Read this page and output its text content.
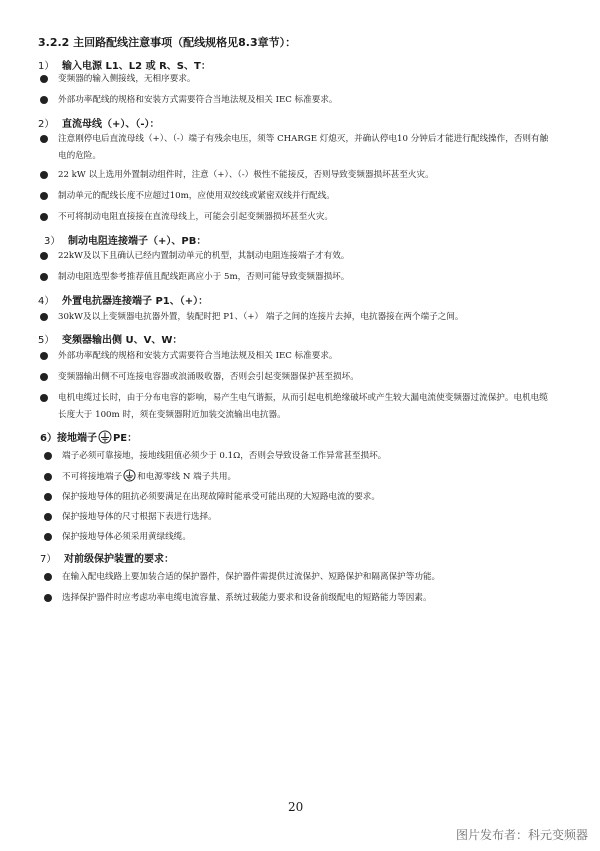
3.2.2 主回路配线注意事项（配线规格见8.3章节）：
1） 输入电源 L1、L2 或 R、S、T：
变频器的输入侧接线，无相序要求。
外部功率配线的规格和安装方式需要符合当地法规及相关 IEC 标准要求。
2） 直流母线（+）、（-）：
注意刚停电后直流母线（+）、（-）端子有残余电压，须等 CHARGE 灯熄灭，并确认停电10 分钟后才能进行配线操作，否则有触电的危险。
22 kW 以上选用外置制动组件时，注意（+）、（-）极性不能接反，否则导致变频器损坏甚至火灾。
制动单元的配线长度不应超过10m，应使用双绞线或紧密双线并行配线。
不可将制动电阻直接接在直流母线上，可能会引起变频器损坏甚至火灾。
3） 制动电阻连接端子（+）、PB：
22kW及以下且确认已经内置制动单元的机型，其制动电阻连接端子才有效。
制动电阻选型参考推荐值且配线距离应小于 5m，否则可能导致变频器损坏。
4） 外置电抗器连接端子 P1、（+）：
30kW及以上变频器电抗器外置，装配时把 P1、（+） 端子之间的连接片去掉，电抗器接在两个端子之间。
5） 变频器输出侧 U、V、W：
外部功率配线的规格和安装方式需要符合当地法规及相关 IEC 标准要求。
变频器输出侧不可连接电容器或浪涌吸收器，否则会引起变频器保护甚至损坏。
电机电缆过长时，由于分布电容的影响，易产生电气谐振，从而引起电机绝缘破坏或产生较大漏电流使变频器过流保护。电机电缆长度大于 100m 时，须在变频器附近加装交流输出电抗器。
6）接地端子 PE：
端子必须可靠接地，接地线阻值必须少于 0.1Ω，否则会导致设备工作异常甚至损坏。
不可将接地端子 和电源零线 N 端子共用。
保护接地导体的阻抗必须要满足在出现故障时能承受可能出现的大短路电流的要求。
保护接地导体的尺寸根据下表进行选择。
保护接地导体必须采用黄绿线缆。
7） 对前级保护装置的要求：
在输入配电线路上要加装合适的保护器件，保护器件需提供过流保护、短路保护和隔离保护等功能。
选择保护器件时应考虑功率电缆电流容量、系统过载能力要求和设备前级配电的短路能力等因素。
20
图片发布者：科元变频器
